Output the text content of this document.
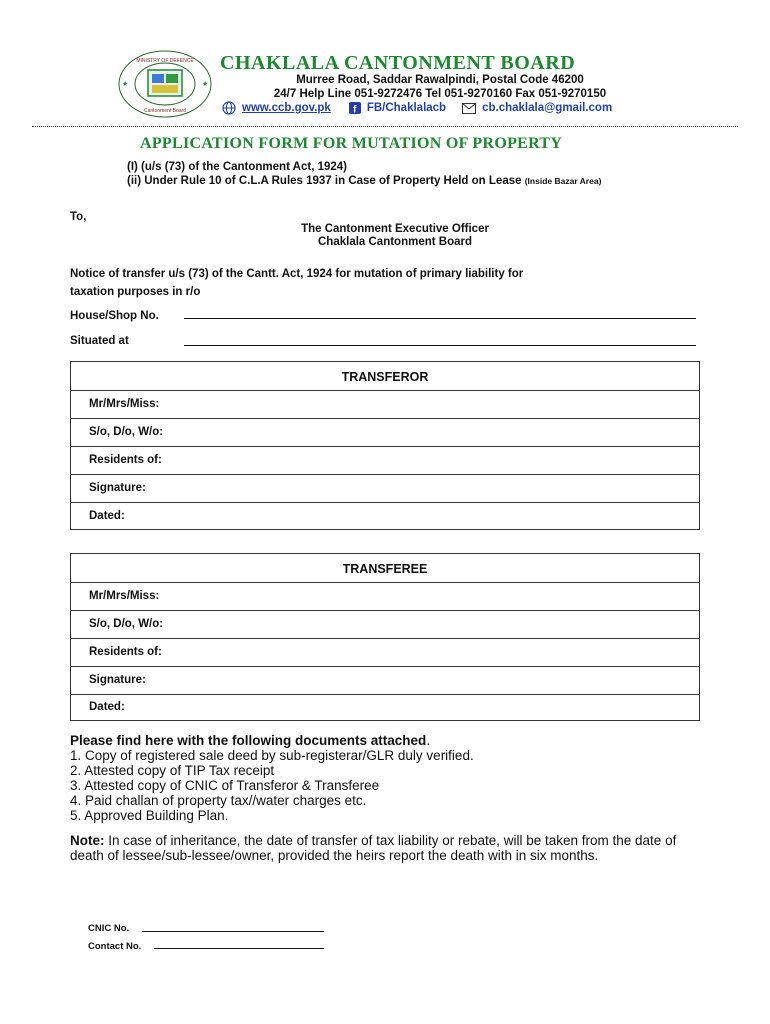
MINISTRY OF DEFENCE
Cantonment Board
★	★
CHAKLALA CANTONMENT BOARD
Murree Road, Saddar Rawalpindi, Postal Code 46200
24/7 Help Line 051-9272476 Tel 051-9270160 Fax 051-9270150
www.ccb.gov.pk f FB/Chaklalacb	cb.chaklala@gmail.com
APPLICATION FORM FOR MUTATION OF PROPERTY
(I) (u/s (73) of the Cantonment Act, 1924)
(ii) Under Rule 10 of C.L.A Rules 1937 in Case of Property Held on Lease (Inside Bazar Area)
To,
The Cantonment Executive Officer
Chaklala Cantonment Board
Notice of transfer u/s (73) of the Cantt. Act, 1924 for mutation of primary liability for
taxation purposes in r/o
House/Shop No.
Situated at
TRANSFEROR
Mr/Mrs/Miss:
S/o, D/o, W/o:
Residents of:
Signature:
Dated:
TRANSFEREE
Mr/Mrs/Miss:
S/o, D/o, W/o:
Residents of:
Signature:
Dated:
Please find here with the following documents attached.
1. Copy of registered sale deed by sub-registerar/GLR duly verified.
2. Attested copy of TIP Tax receipt
3. Attested copy of CNIC of Transferor & Transferee
4. Paid challan of property tax//water charges etc.
5. Approved Building Plan.
Note: In case of inheritance, the date of transfer of tax liability or rebate, will be taken from the date of death of lessee/sub-lessee/owner, provided the heirs report the death with in six months.
CNIC No.
Contact No.
